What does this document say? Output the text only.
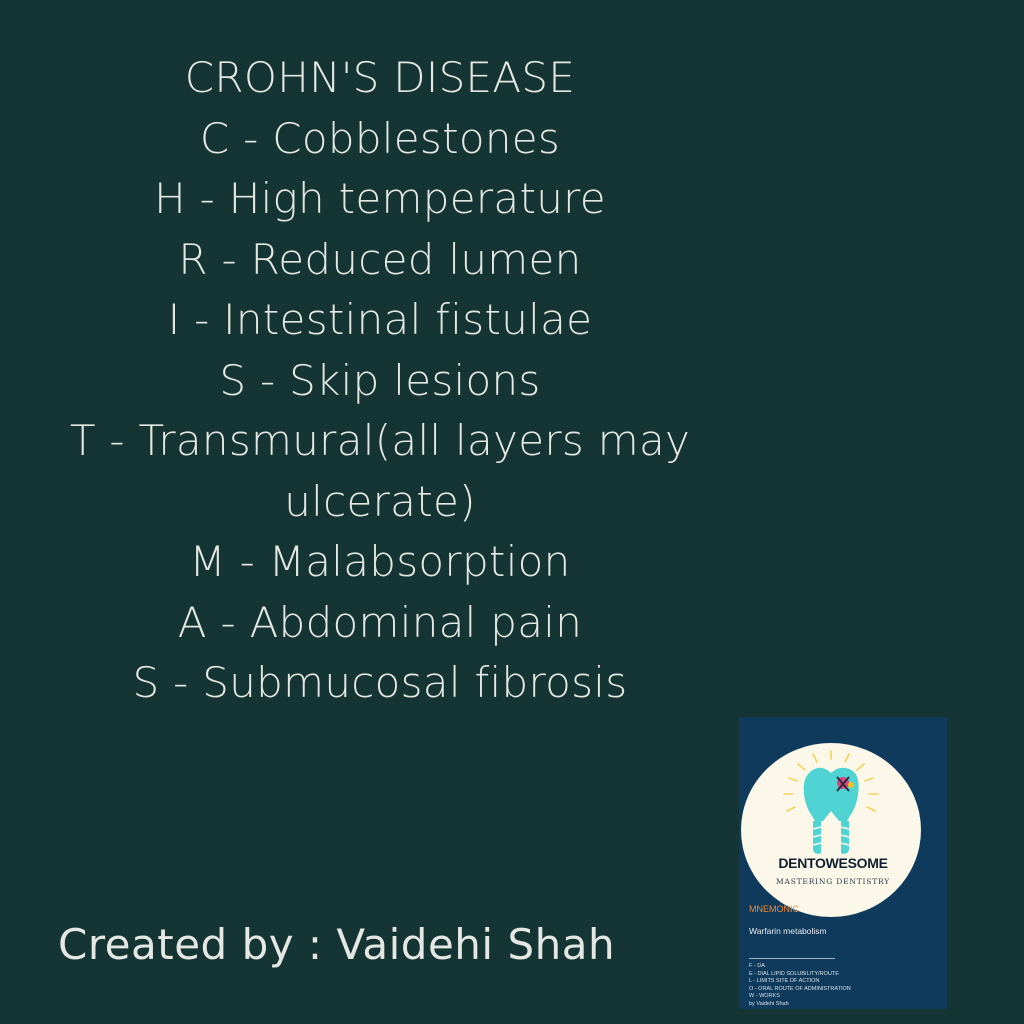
CROHN'S DISEASE
C - Cobblestones
H - High temperature
R - Reduced lumen
I - Intestinal fistulae
S - Skip lesions
T - Transmural(all layers may
ulcerate)
M - Malabsorption
A - Abdominal pain
S - Submucosal fibrosis
Created by : Vaidehi Shah
DENTOWESOME
MASTERING DENTISTRY
MNEMONIC
Warfarin metabolism
F - DA
E - DIAL LIPID SOLUBILITY/ROUTE
L - LIMITS SITE OF ACTION
O - ORAL ROUTE OF ADMINISTRATION
W - WORKS
by Vaidehi Shah
